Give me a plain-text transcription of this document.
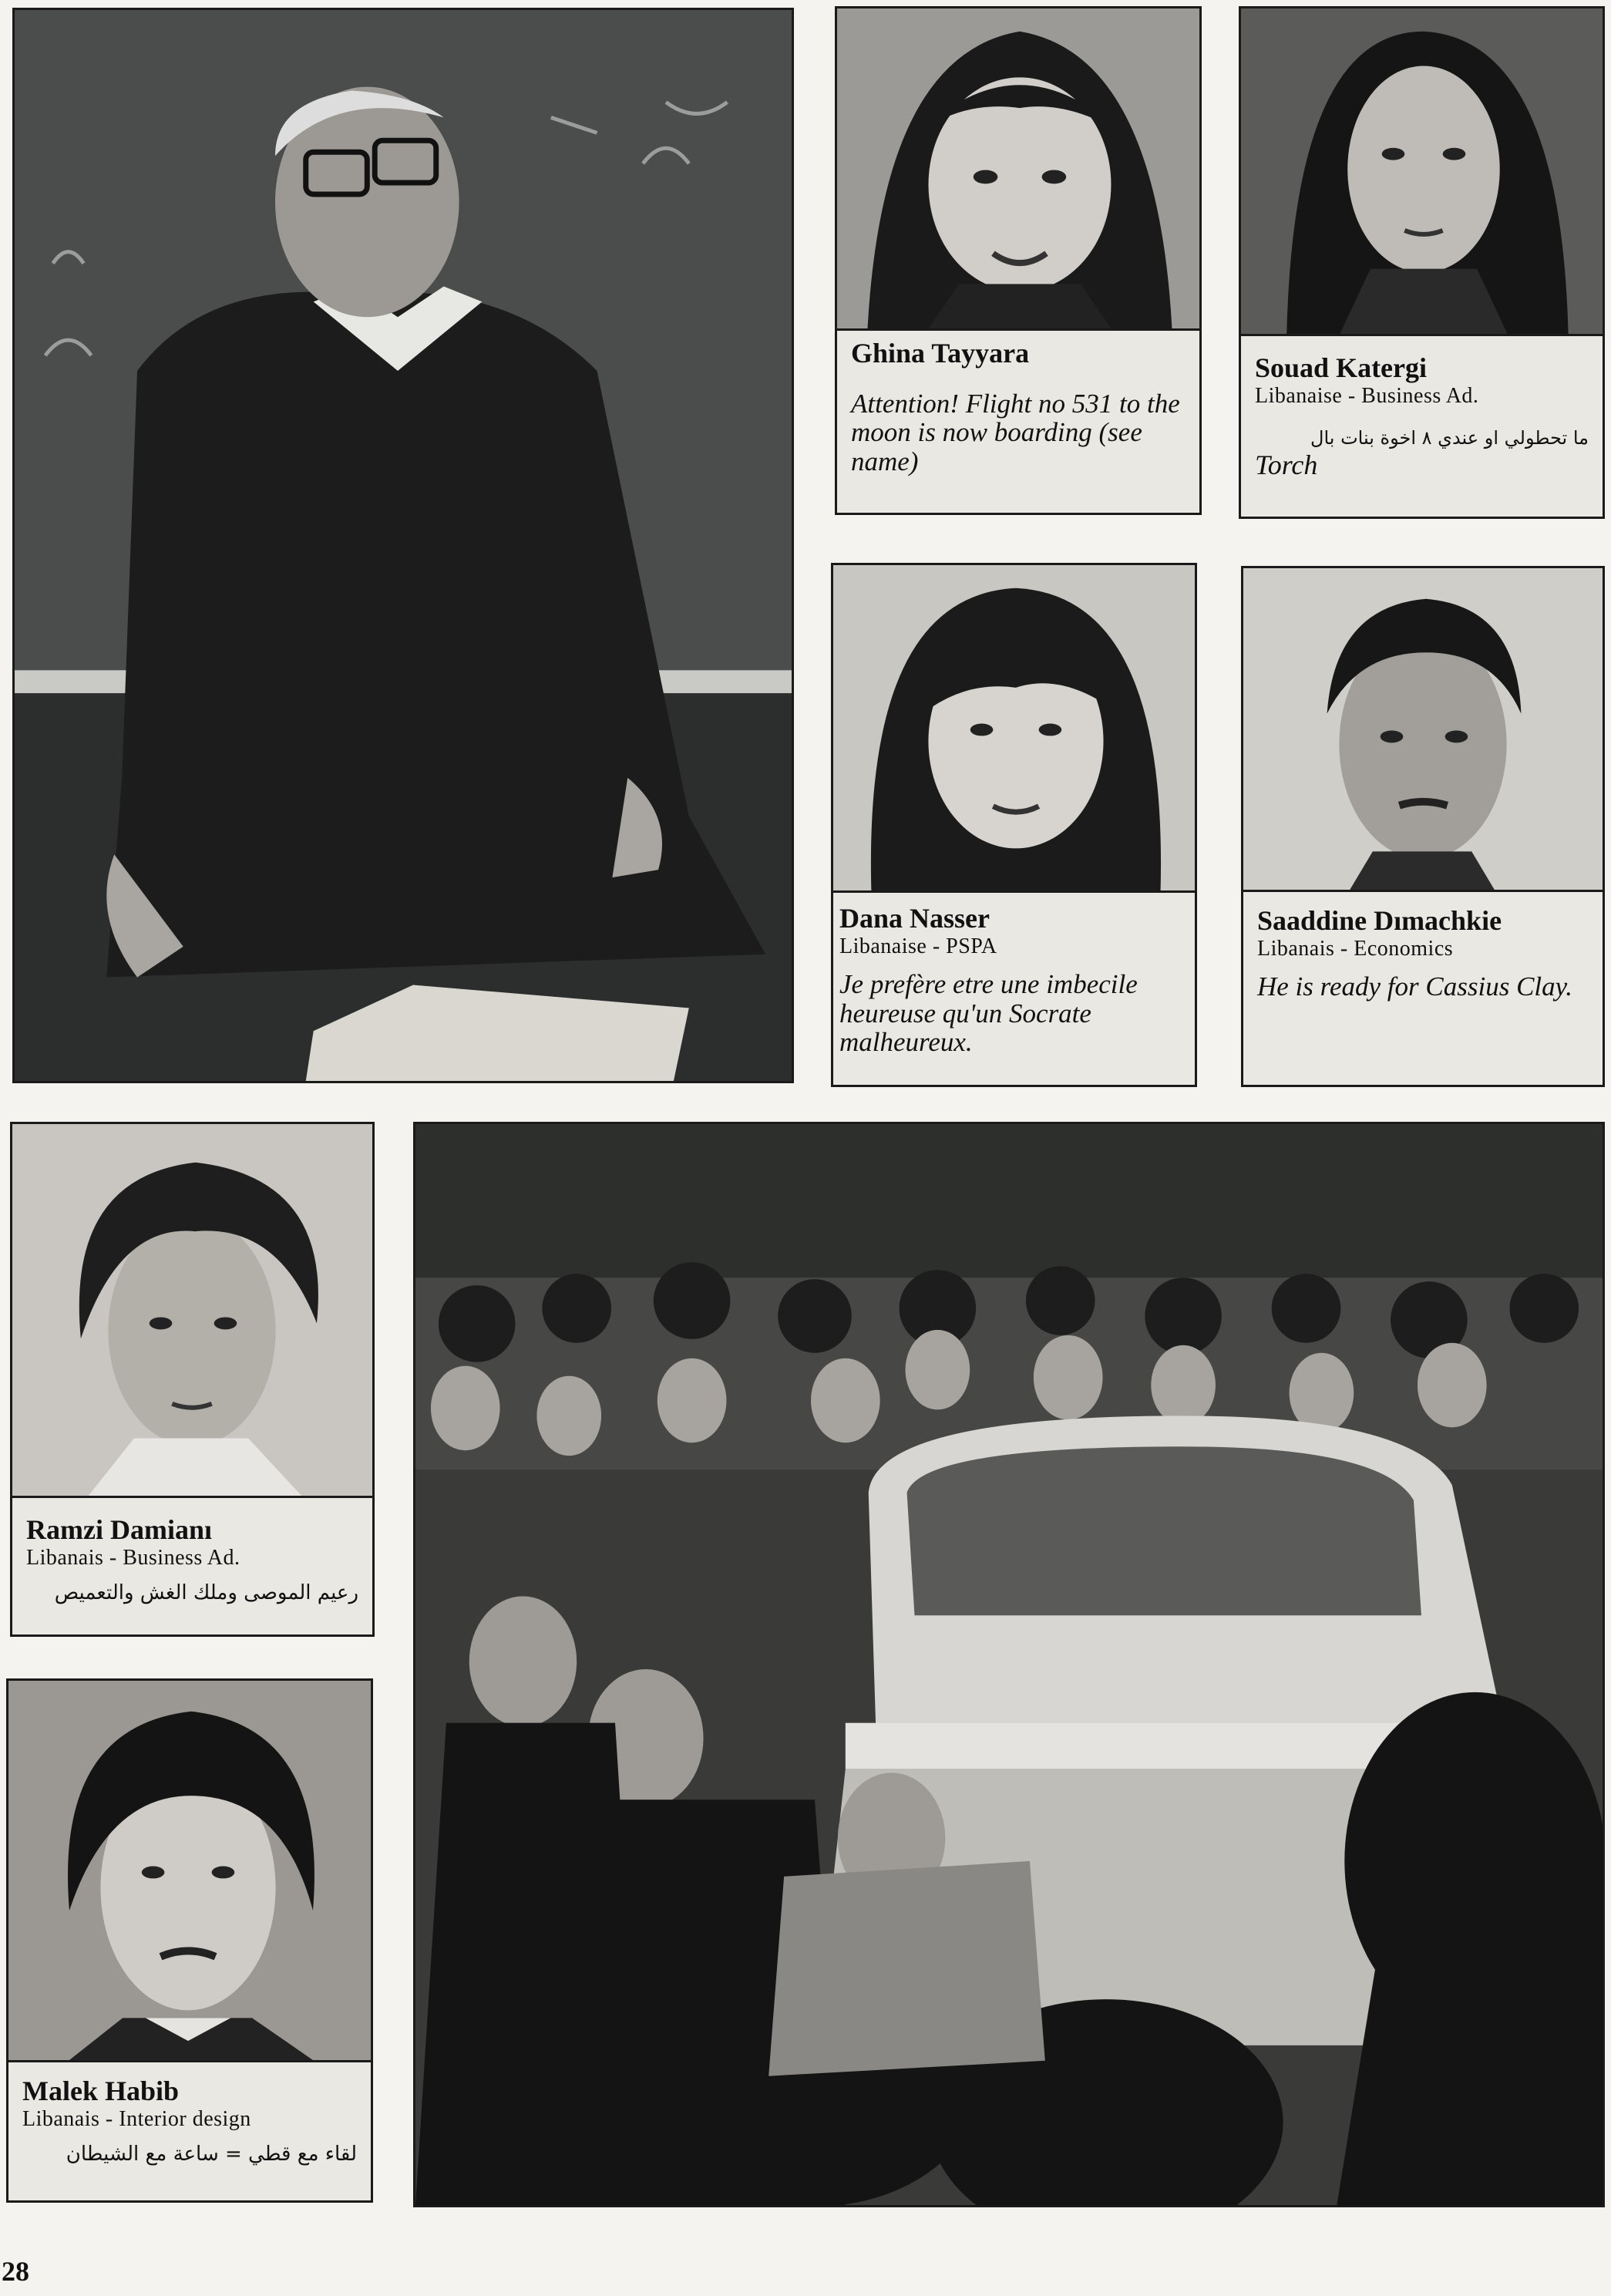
Ghina Tayyara
Attention! Flight no 531 to the moon is now boarding (see name)
Souad Katergi
Libanaise - Business Ad.
ما تحطولي او عندي ٨ اخوة بنات بال
Torch
Dana Nasser
Libanaise - PSPA
Je prefère etre une imbecile heureuse qu'un Socrate malheureux.
Saaddine Dımachkie
Libanais - Economics
He is ready for Cassius Clay.
Ramzi Damianı
Libanais - Business Ad.
رعيم الموصى وملك الغش والتعميص
Malek Habib
Libanais - Interior design
لقاء مع قطي = ساعة مع الشيطان
28
